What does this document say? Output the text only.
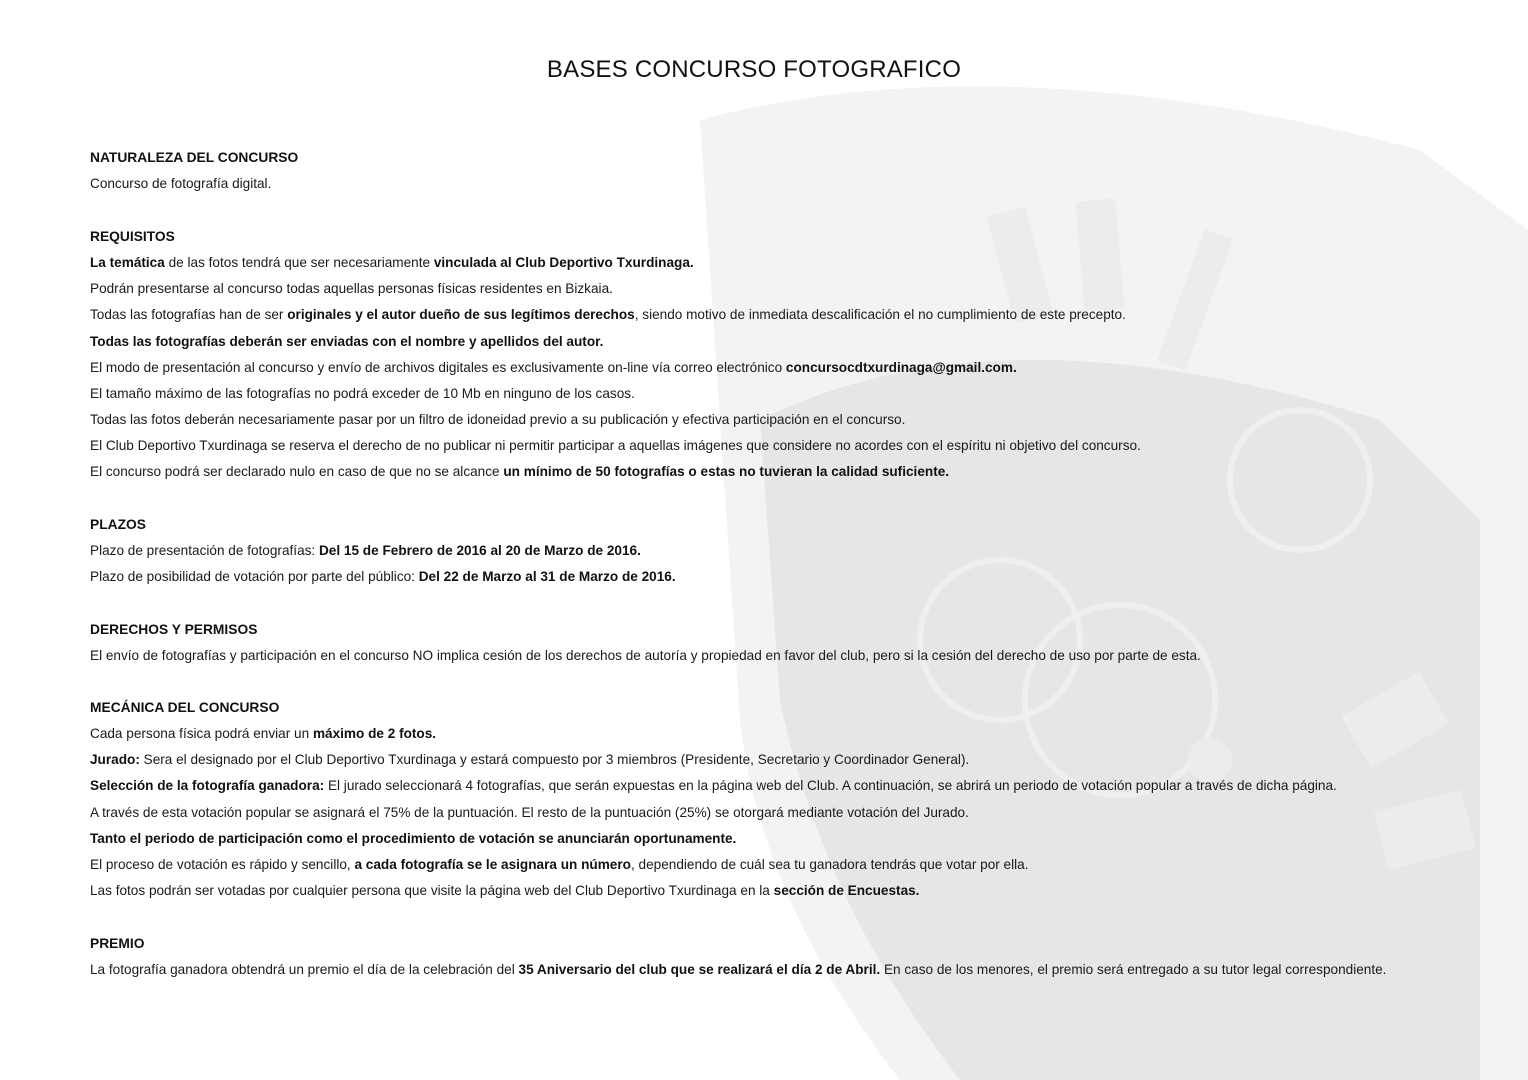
BASES CONCURSO FOTOGRAFICO
NATURALEZA DEL CONCURSO
Concurso de fotografía digital.
REQUISITOS
La temática de las fotos tendrá que ser necesariamente vinculada al Club Deportivo Txurdinaga.
Podrán presentarse al concurso todas aquellas personas físicas residentes en Bizkaia.
Todas las fotografías han de ser originales y el autor dueño de sus legítimos derechos, siendo motivo de inmediata descalificación el no cumplimiento de este precepto.
Todas las fotografías deberán ser enviadas con el nombre y apellidos del autor.
El modo de presentación al concurso y envío de archivos digitales es exclusivamente on-line vía correo electrónico concursocdtxurdinaga@gmail.com.
El tamaño máximo de las fotografías no podrá exceder de 10 Mb en ninguno de los casos.
Todas las fotos deberán necesariamente pasar por un filtro de idoneidad previo a su publicación y efectiva participación en el concurso.
El Club Deportivo Txurdinaga se reserva el derecho de no publicar ni permitir participar a aquellas imágenes que considere no acordes con el espíritu ni objetivo del concurso.
El concurso podrá ser declarado nulo en caso de que no se alcance un mínimo de 50 fotografías o estas no tuvieran la calidad suficiente.
PLAZOS
Plazo de presentación de fotografías: Del 15 de Febrero de 2016 al 20 de Marzo de 2016.
Plazo de posibilidad de votación por parte del público: Del 22 de Marzo al 31 de Marzo de 2016.
DERECHOS Y PERMISOS
El envío de fotografías y participación en el concurso NO implica cesión de los derechos de autoría y propiedad en favor del club, pero si la cesión del derecho de uso por parte de esta.
MECÁNICA DEL CONCURSO
Cada persona física podrá enviar un máximo de 2 fotos.
Jurado: Sera el designado por el Club Deportivo Txurdinaga y estará compuesto por 3 miembros (Presidente, Secretario y Coordinador General).
Selección de la fotografía ganadora: El jurado seleccionará 4 fotografías, que serán expuestas en la página web del Club. A continuación, se abrirá un periodo de votación popular a través de dicha página.
A través de esta votación popular se asignará el 75% de la puntuación. El resto de la puntuación (25%) se otorgará mediante votación del Jurado.
Tanto el periodo de participación como el procedimiento de votación se anunciarán oportunamente.
El proceso de votación es rápido y sencillo, a cada fotografía se le asignara un número, dependiendo de cuál sea tu ganadora tendrás que votar por ella.
Las fotos podrán ser votadas por cualquier persona que visite la página web del Club Deportivo Txurdinaga en la sección de Encuestas.
PREMIO
La fotografía ganadora obtendrá un premio el día de la celebración del 35 Aniversario del club que se realizará el día 2 de Abril. En caso de los menores, el premio será entregado a su tutor legal correspondiente.
